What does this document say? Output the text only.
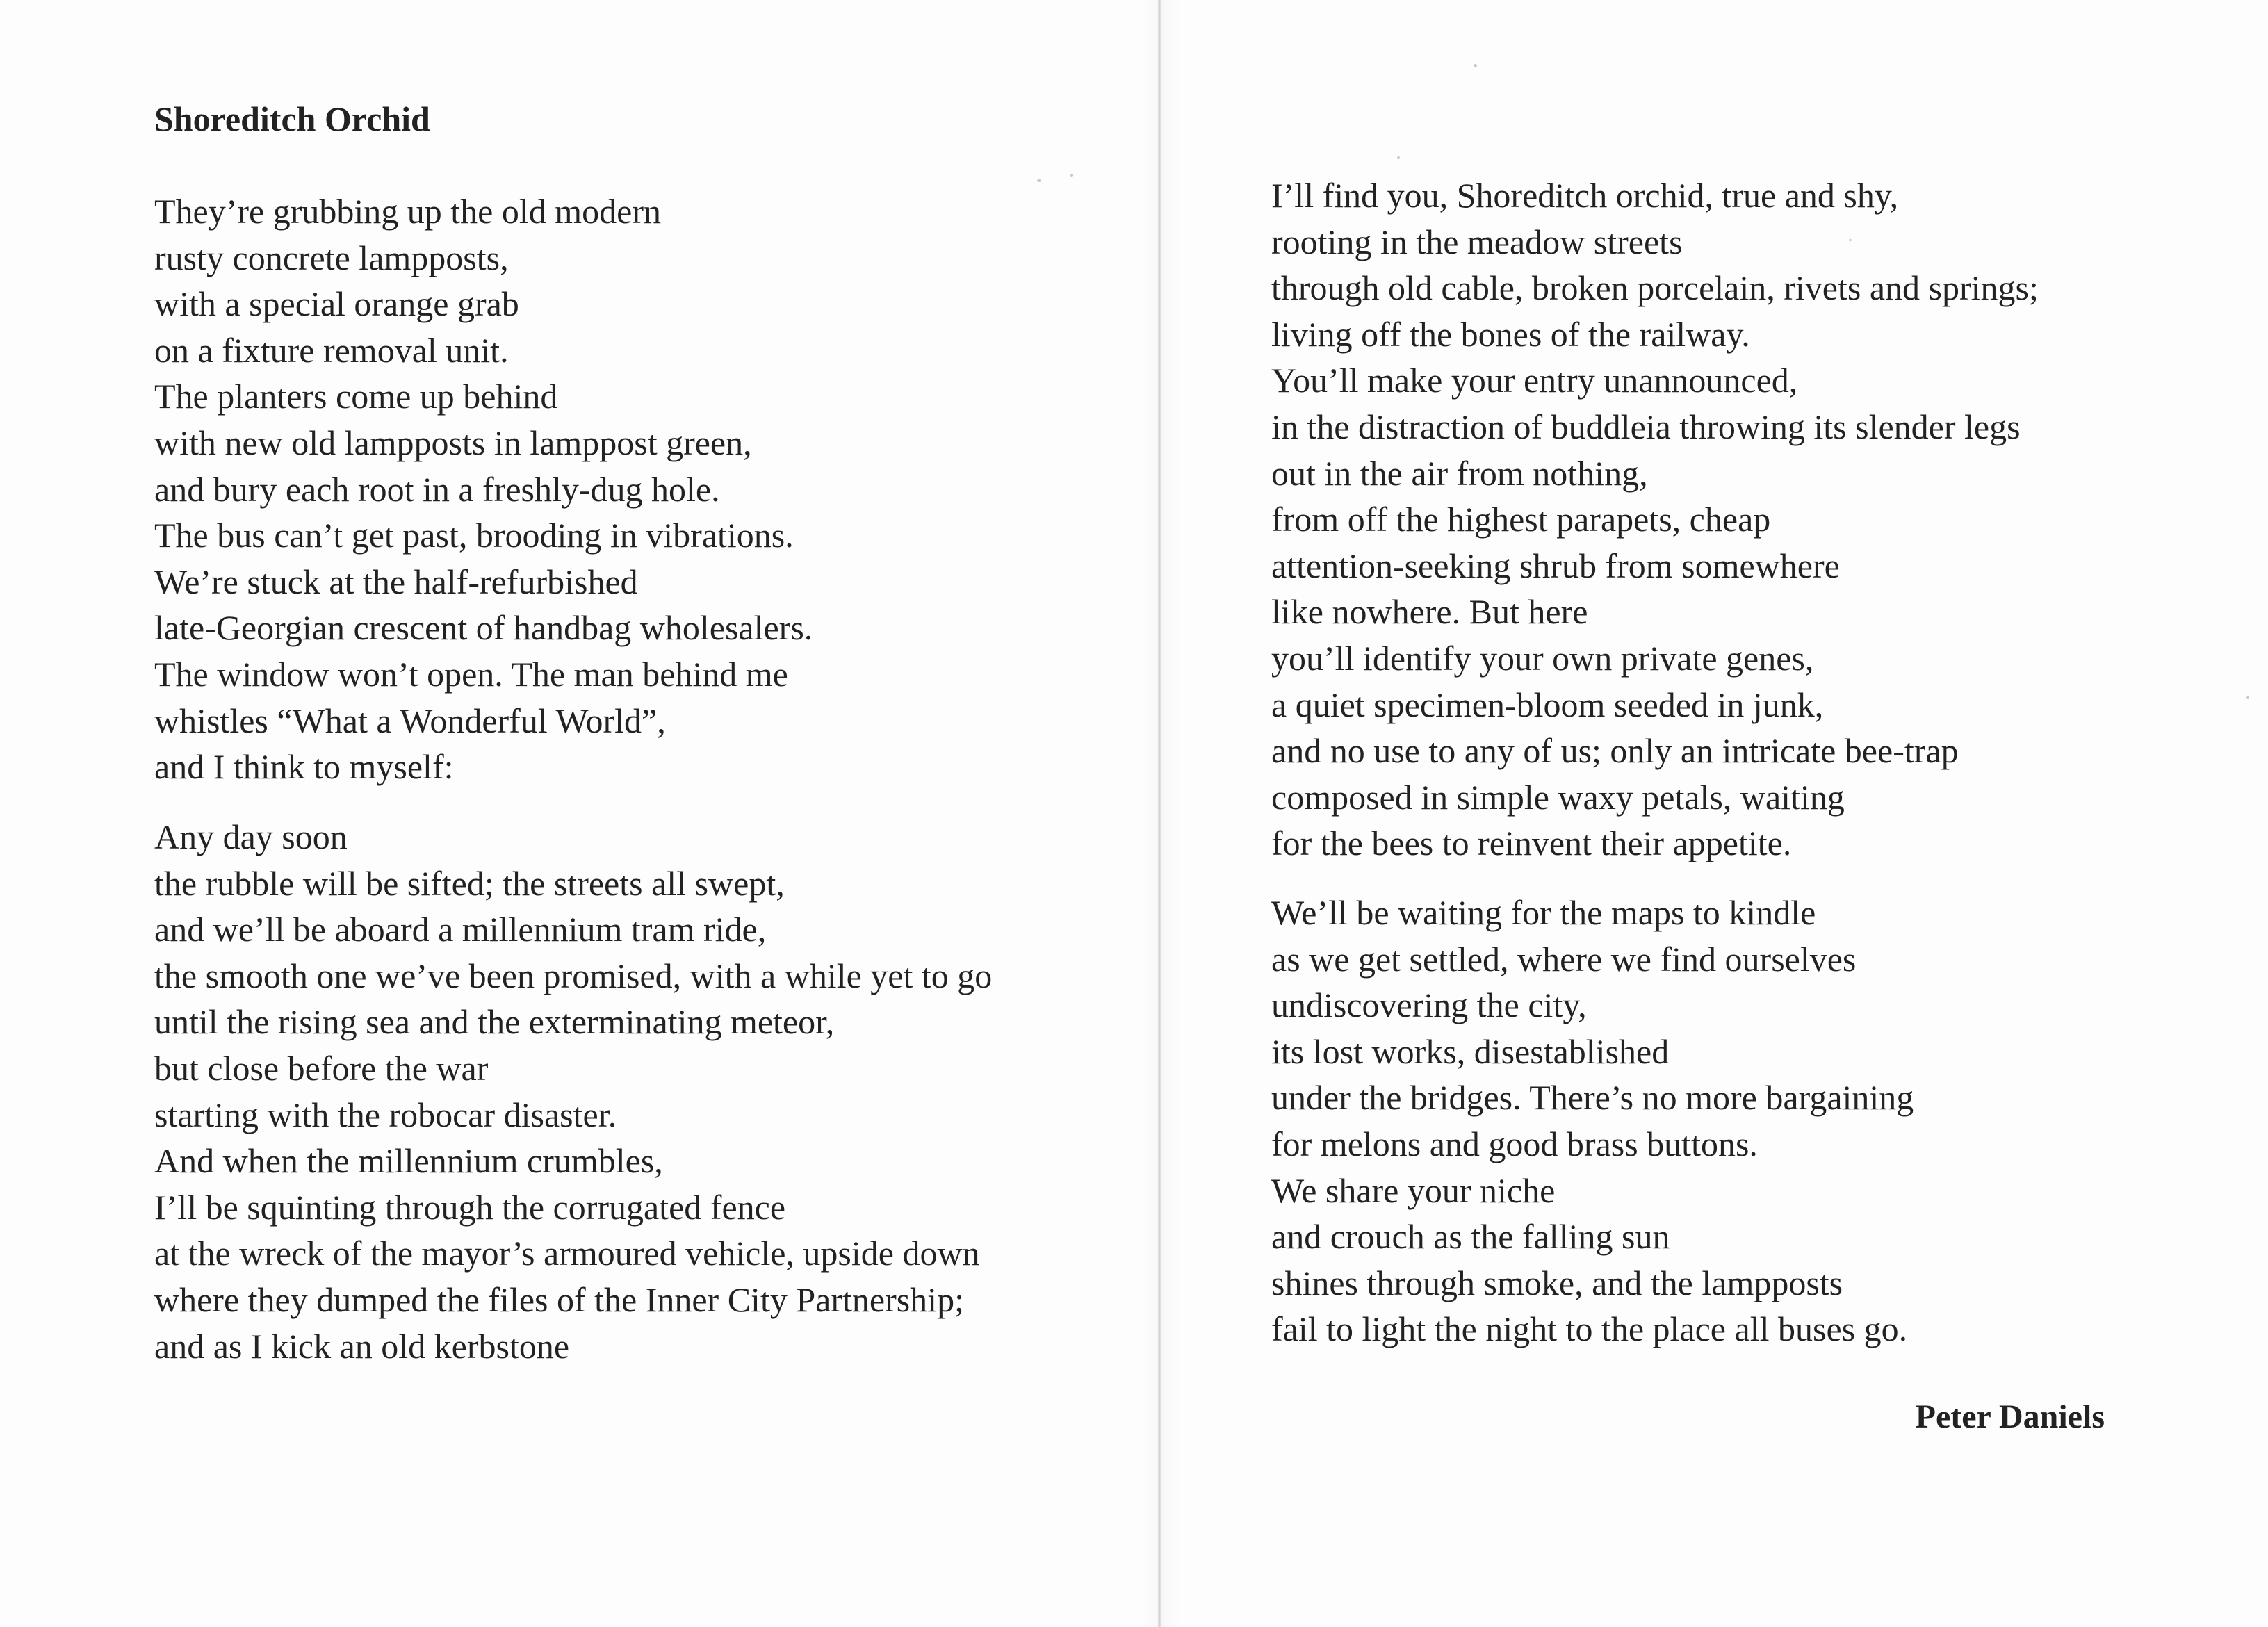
Shoreditch Orchid
They’re grubbing up the old modern
rusty concrete lampposts,
with a special orange grab
on a fixture removal unit.
The planters come up behind
with new old lampposts in lamppost green,
and bury each root in a freshly-dug hole.
The bus can’t get past, brooding in vibrations.
We’re stuck at the half-refurbished
late-Georgian crescent of handbag wholesalers.
The window won’t open. The man behind me
whistles “What a Wonderful World”,
and I think to myself:
Any day soon
the rubble will be sifted; the streets all swept,
and we’ll be aboard a millennium tram ride,
the smooth one we’ve been promised, with a while yet to go
until the rising sea and the exterminating meteor,
but close before the war
starting with the robocar disaster.
And when the millennium crumbles,
I’ll be squinting through the corrugated fence
at the wreck of the mayor’s armoured vehicle, upside down
where they dumped the files of the Inner City Partnership;
and as I kick an old kerbstone
I’ll find you, Shoreditch orchid, true and shy,
rooting in the meadow streets
through old cable, broken porcelain, rivets and springs;
living off the bones of the railway.
You’ll make your entry unannounced,
in the distraction of buddleia throwing its slender legs
out in the air from nothing,
from off the highest parapets, cheap
attention-seeking shrub from somewhere
like nowhere. But here
you’ll identify your own private genes,
a quiet specimen-bloom seeded in junk,
and no use to any of us; only an intricate bee-trap
composed in simple waxy petals, waiting
for the bees to reinvent their appetite.
We’ll be waiting for the maps to kindle
as we get settled, where we find ourselves
undiscovering the city,
its lost works, disestablished
under the bridges. There’s no more bargaining
for melons and good brass buttons.
We share your niche
and crouch as the falling sun
shines through smoke, and the lampposts
fail to light the night to the place all buses go.

Peter Daniels
